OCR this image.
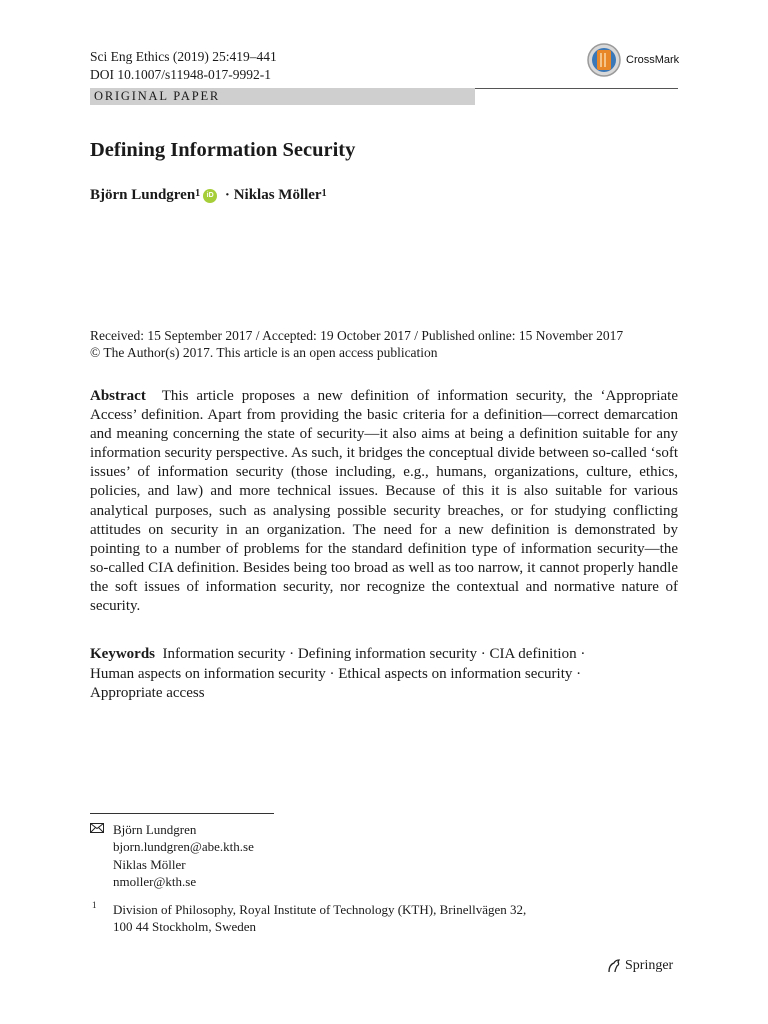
Sci Eng Ethics (2019) 25:419–441
DOI 10.1007/s11948-017-9992-1
CrossMark
ORIGINAL PAPER
Defining Information Security
Björn Lundgren$^1$ iD · Niklas Möller$^1$
Received: 15 September 2017 / Accepted: 19 October 2017 / Published online: 15 November 2017
© The Author(s) 2017. This article is an open access publication

Abstract This article proposes a new definition of information security, the ‘Appropriate Access’ definition. Apart from providing the basic criteria for a definition—correct demarcation and meaning concerning the state of security—it also aims at being a definition suitable for any information security perspective. As such, it bridges the conceptual divide between so-called ‘soft issues’ of information security (those including, e.g., humans, organizations, culture, ethics, policies, and law) and more technical issues. Because of this it is also suitable for various analytical purposes, such as analysing possible security breaches, or for studying conflicting attitudes on security in an organization. The need for a new definition is demonstrated by pointing to a number of problems for the standard definition type of information security—the so-called CIA definition. Besides being too broad as well as too narrow, it cannot properly handle the soft issues of information security, nor recognize the contextual and normative nature of security.

Keywords Information security · Defining information security · CIA definition · Human aspects on information security · Ethical aspects on information security · Appropriate access

Björn Lundgren
bjorn.lundgren@abe.kth.se
Niklas Möller
nmoller@kth.se
1 Division of Philosophy, Royal Institute of Technology (KTH), Brinellvägen 32,
100 44 Stockholm, Sweden
Springer
